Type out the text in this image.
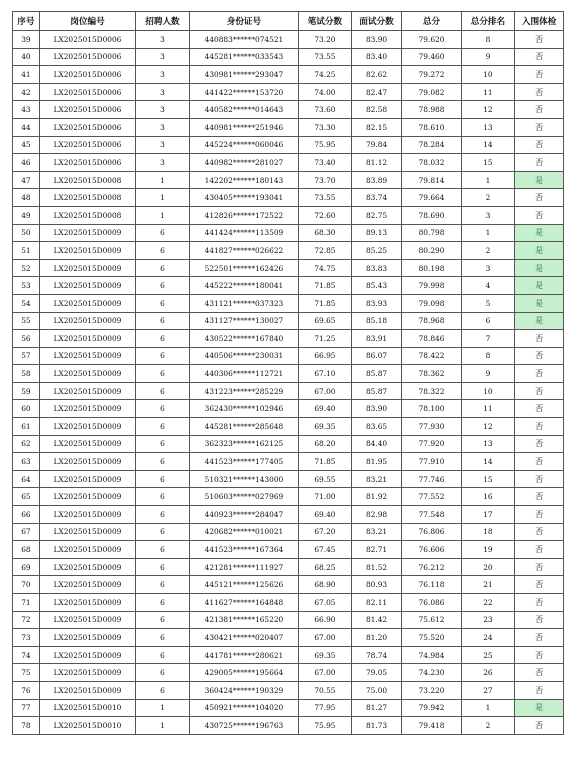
序号	岗位编号	招聘人数	身份证号	笔试分数	面试分数	总分	总分排名	入围体检
39	LX2025015D0006	3	440883******074521	73.20	83.90	79.620	8	否
40	LX2025015D0006	3	445281******033543	73.55	83.40	79.460	9	否
41	LX2025015D0006	3	430981******293047	74.25	82.62	79.272	10	否
42	LX2025015D0006	3	441422******153720	74.00	82.47	79.082	11	否
43	LX2025015D0006	3	440582******014643	73.60	82.58	78.988	12	否
44	LX2025015D0006	3	440981******251946	73.30	82.15	78.610	13	否
45	LX2025015D0006	3	445224******060046	75.95	79.84	78.284	14	否
46	LX2025015D0006	3	440982******281027	73.40	81.12	78.032	15	否
47	LX2025015D0008	1	142202******180143	73.70	83.89	79.814	1	是
48	LX2025015D0008	1	430405******193041	73.55	83.74	79.664	2	否
49	LX2025015D0008	1	412826******172522	72.60	82.75	78.690	3	否
50	LX2025015D0009	6	441424******113509	68.30	89.13	80.798	1	是
51	LX2025015D0009	6	441827******026622	72.85	85.25	80.290	2	是
52	LX2025015D0009	6	522501******162426	74.75	83.83	80.198	3	是
53	LX2025015D0009	6	445222******180041	71.85	85.43	79.998	4	是
54	LX2025015D0009	6	431121******037323	71.85	83.93	79.098	5	是
55	LX2025015D0009	6	431127******130027	69.65	85.18	78.968	6	是
56	LX2025015D0009	6	430522******167840	71.25	83.91	78.846	7	否
57	LX2025015D0009	6	440506******230031	66.95	86.07	78.422	8	否
58	LX2025015D0009	6	440306******112721	67.10	85.87	78.362	9	否
59	LX2025015D0009	6	431223******285229	67.00	85.87	78.322	10	否
60	LX2025015D0009	6	362430******102946	69.40	83.90	78.100	11	否
61	LX2025015D0009	6	445281******285648	69.35	83.65	77.930	12	否
62	LX2025015D0009	6	362323******162125	68.20	84.40	77.920	13	否
63	LX2025015D0009	6	441523******177405	71.85	81.95	77.910	14	否
64	LX2025015D0009	6	510321******143000	69.55	83.21	77.746	15	否
65	LX2025015D0009	6	510603******027969	71.00	81.92	77.552	16	否
66	LX2025015D0009	6	440923******284047	69.40	82.98	77.548	17	否
67	LX2025015D0009	6	420682******010021	67.20	83.21	76.806	18	否
68	LX2025015D0009	6	441523******167364	67.45	82.71	76.606	19	否
69	LX2025015D0009	6	421281******111927	68.25	81.52	76.212	20	否
70	LX2025015D0009	6	445121******125626	68.90	80.93	76.118	21	否
71	LX2025015D0009	6	411627******164848	67.05	82.11	76.086	22	否
72	LX2025015D0009	6	421381******165220	66.90	81.42	75.612	23	否
73	LX2025015D0009	6	430421******020407	67.00	81.20	75.520	24	否
74	LX2025015D0009	6	441781******280621	69.35	78.74	74.984	25	否
75	LX2025015D0009	6	429005******195664	67.00	79.05	74.230	26	否
76	LX2025015D0009	6	360424******190329	70.55	75.00	73.220	27	否
77	LX2025015D0010	1	450921******104020	77.95	81.27	79.942	1	是
78	LX2025015D0010	1	430725******196763	75.95	81.73	79.418	2	否
